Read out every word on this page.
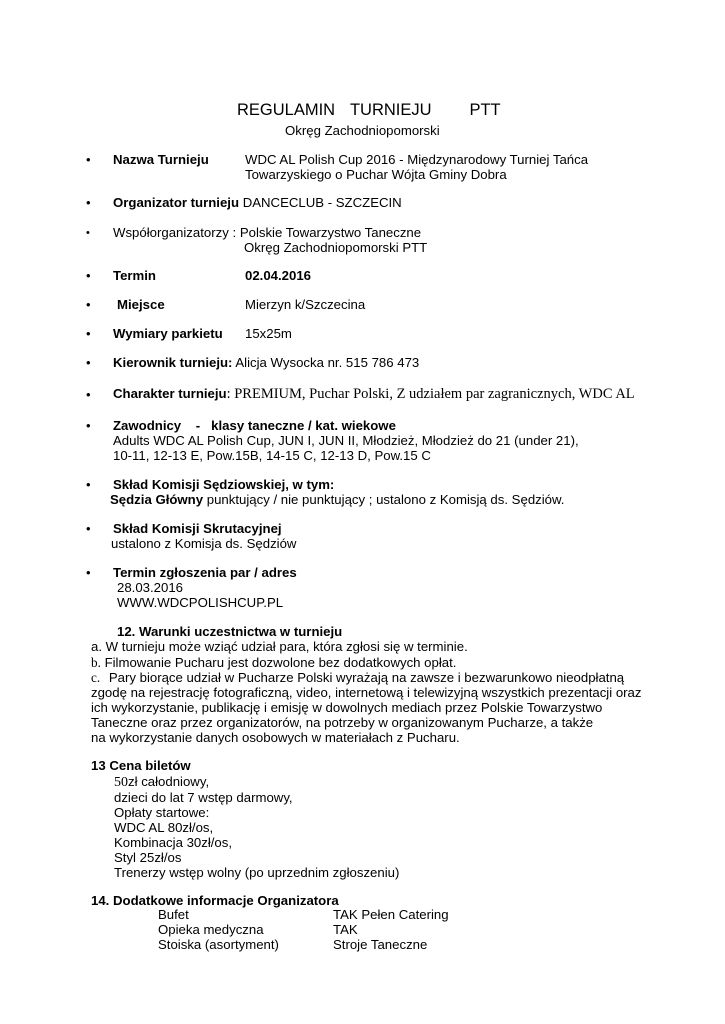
REGULAMIN  TURNIEJU     PTT
Okręg Zachodniopomorski
• Nazwa Turnieju	WDC AL Polish Cup 2016 - Międzynarodowy Turniej Tańca
Towarzyskiego o Puchar Wójta Gminy Dobra
• Organizator turnieju DANCECLUB - SZCZECIN
• Współorganizatorzy : Polskie Towarzystwo Taneczne
Okręg Zachodniopomorski PTT
• Termin	02.04.2016
• Miejsce	Mierzyn k/Szczecina
• Wymiary parkietu 15x25m
• Kierownik turnieju: Alicja Wysocka nr. 515 786 473
• Charakter turnieju: PREMIUM, Puchar Polski, Z udziałem par zagranicznych, WDC AL
• Zawodnicy    -   klasy taneczne / kat. wiekowe
Adults WDC AL Polish Cup, JUN I, JUN II, Młodzież, Młodzież do 21 (under 21),
10-11, 12-13 E, Pow.15B, 14-15 C, 12-13 D, Pow.15 C
• Skład Komisji Sędziowskiej, w tym:
Sędzia Główny punktujący / nie punktujący ; ustalono z Komisją ds. Sędziów.
• Skład Komisji Skrutacyjnej
ustalono z Komisja ds. Sędziów
• Termin zgłoszenia par / adres
28.03.2016
WWW.WDCPOLISHCUP.PL
12. Warunki uczestnictwa w turnieju
a. W turnieju może wziąć udział para, która zgłosi się w terminie.
b. Filmowanie Pucharu jest dozwolone bez dodatkowych opłat.
c. Pary biorące udział w Pucharze Polski wyrażają na zawsze i bezwarunkowo nieodpłatną
zgodę na rejestrację fotograficzną, video, internetową i telewizyjną wszystkich prezentacji oraz
ich wykorzystanie, publikację i emisję w dowolnych mediach przez Polskie Towarzystwo
Taneczne oraz przez organizatorów, na potrzeby w organizowanym Pucharze, a także
na wykorzystanie danych osobowych w materiałach z Pucharu.
13 Cena biletów
50zł całodniowy,
dzieci do lat 7 wstęp darmowy,
Opłaty startowe:
WDC AL 80zł/os,
Kombinacja 30zł/os,
Styl 25zł/os
Trenerzy wstęp wolny (po uprzednim zgłoszeniu)
14. Dodatkowe informacje Organizatora
Bufet	TAK Pełen Catering
Opieka medyczna	TAK
Stoiska (asortyment)	Stroje Taneczne
